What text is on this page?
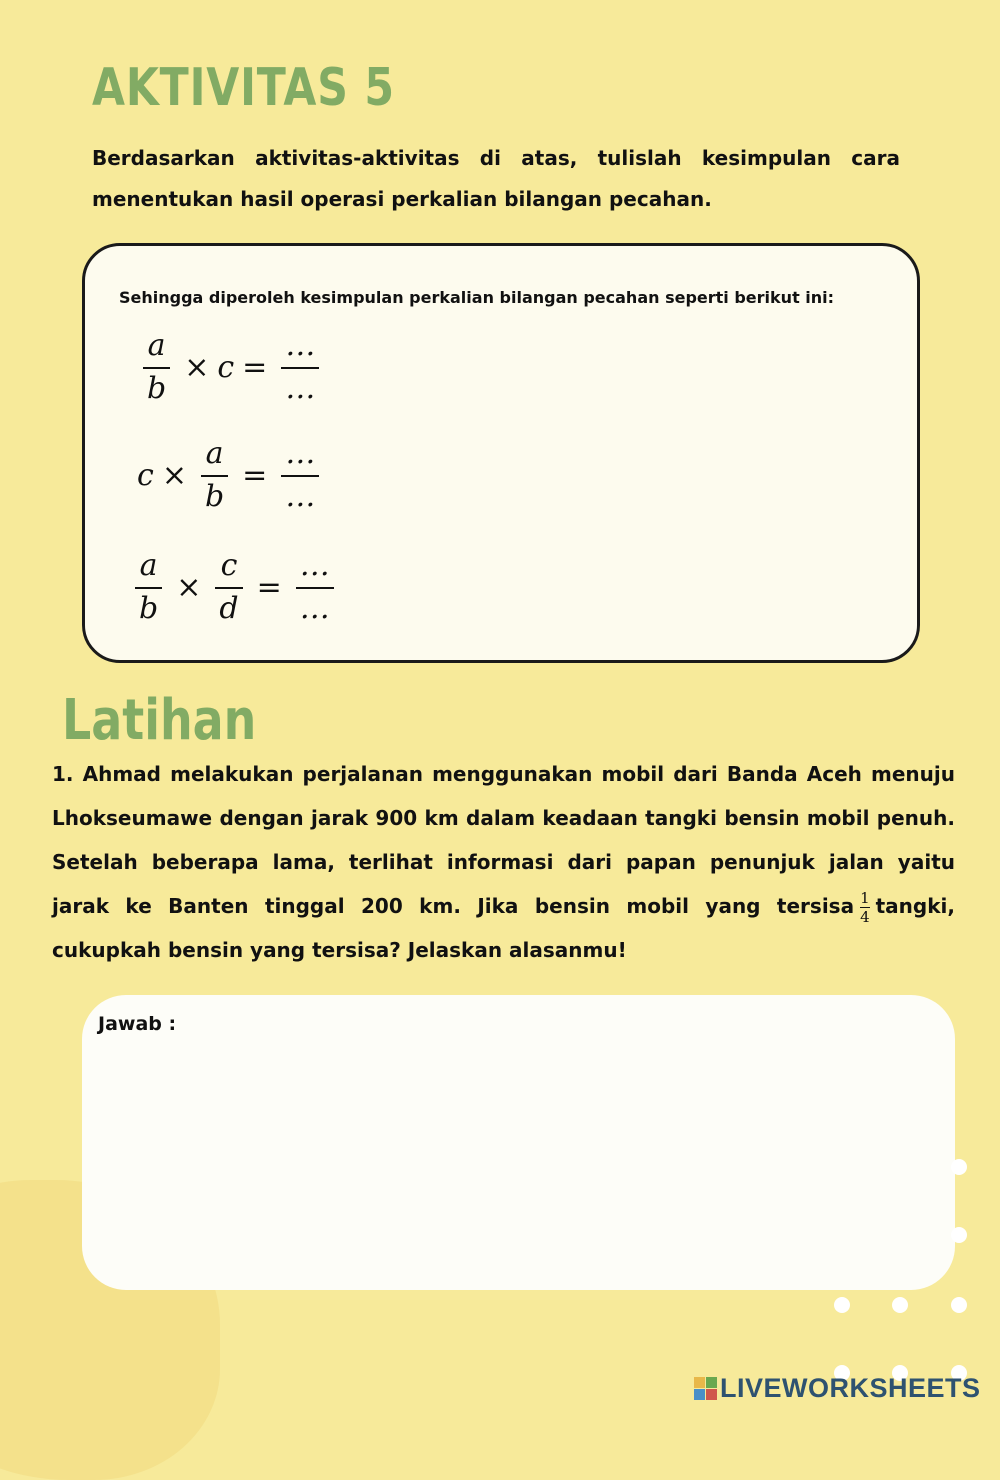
AKTIVITAS 5

Berdasarkan aktivitas-aktivitas di atas, tulislah kesimpulan cara menentukan hasil operasi perkalian bilangan pecahan.

Sehingga diperoleh kesimpulan perkalian bilangan pecahan seperti berikut ini:

$\frac{a}{b} \times c = \frac{\dots}{\dots}$
$c \times \frac{a}{b} = \frac{\dots}{\dots}$
$\frac{a}{b} \times \frac{c}{d} = \frac{\dots}{\dots}$
Latihan

1. Ahmad melakukan perjalanan menggunakan mobil dari Banda Aceh menuju Lhokseumawe dengan jarak 900 km dalam keadaan tangki bensin mobil penuh. Setelah beberapa lama, terlihat informasi dari papan penunjuk jalan yaitu jarak ke Banten tinggal 200 km. Jika bensin mobil yang tersisa $\frac{1}{4}$ tangki, cukupkah bensin yang tersisa? Jelaskan alasanmu!

Jawab :

LIVEWORKSHEETS
